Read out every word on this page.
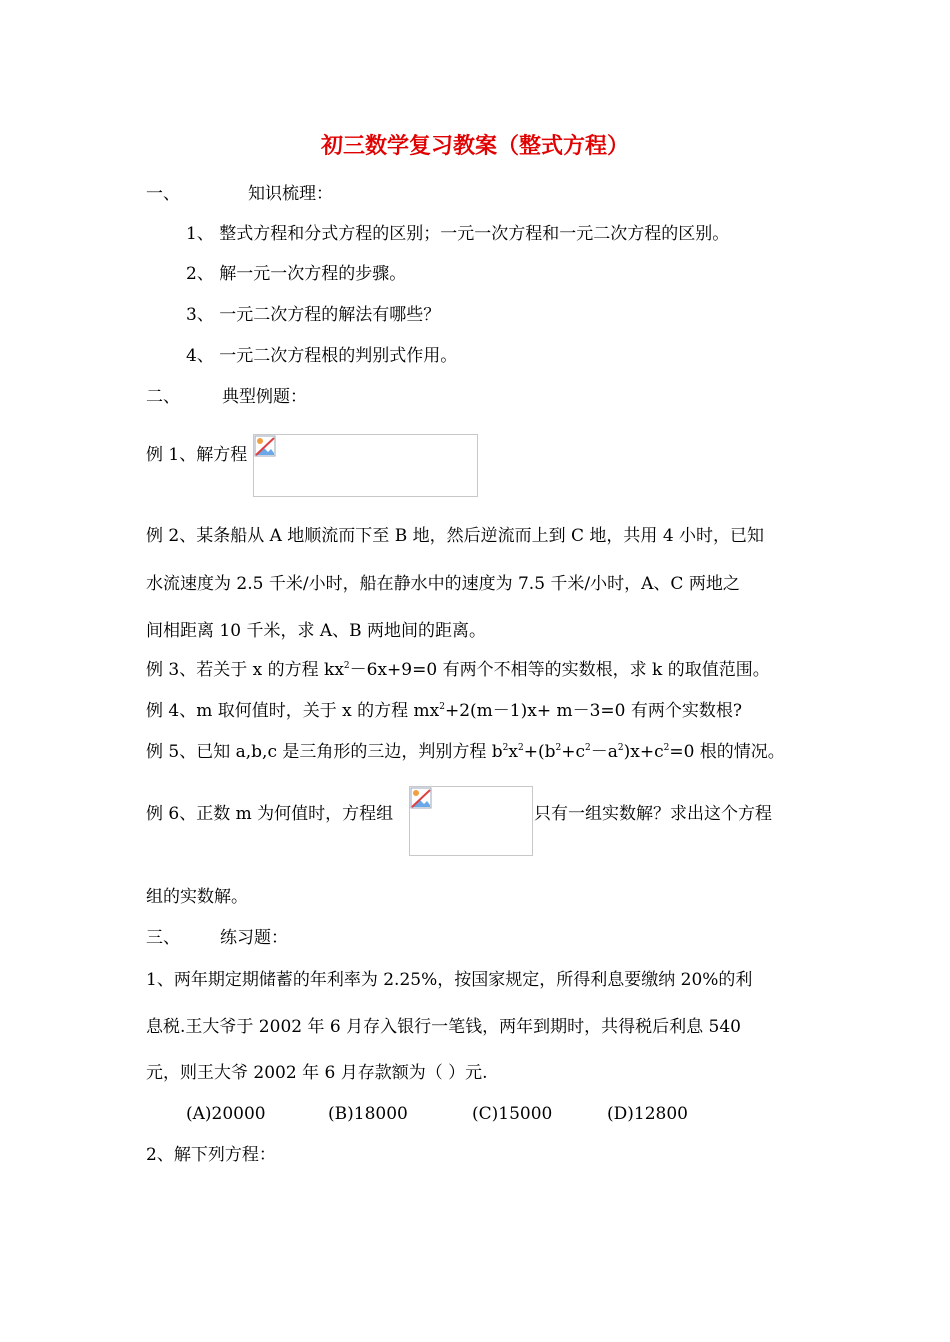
初三数学复习教案（整式方程）
一、	知识梳理：
1、 整式方程和分式方程的区别；一元一次方程和一元二次方程的区别。
2、 解一元一次方程的步骤。
3、 一元二次方程的解法有哪些？
4、 一元二次方程根的判别式作用。
二、 典型例题：
例 1、解方程
例 2、某条船从 A 地顺流而下至 B 地，然后逆流而上到 C 地，共用 4 小时，已知
水流速度为 2.5 千米/小时，船在静水中的速度为 7.5 千米/小时，A、C 两地之
间相距离 10 千米，求 A、B 两地间的距离。
例 3、若关于 x 的方程 $kx^2-6x+9=0$ 有两个不相等的实数根，求 k 的取值范围。
例 4、m 取何值时，关于 x 的方程 $mx^2+2(m-1)x+ m-3=0$ 有两个实数根?
例 5、已知 a,b,c 是三角形的三边，判别方程 $b^2x^2+(b^2+c^2-a^2)x+c^2=0$ 根的情况。
例 6、正数 m 为何值时，方程组	只有一组实数解？求出这个方程
组的实数解。
三、 练习题：
1、两年期定期储蓄的年利率为 2.25%，按国家规定，所得利息要缴纳 20%的利
息税.王大爷于 2002 年 6 月存入银行一笔钱，两年到期时，共得税后利息 540
元，则王大爷 2002 年 6 月存款额为（ ）元.
(A)20000	(B)18000	(C)15000	(D)12800
2、解下列方程：
